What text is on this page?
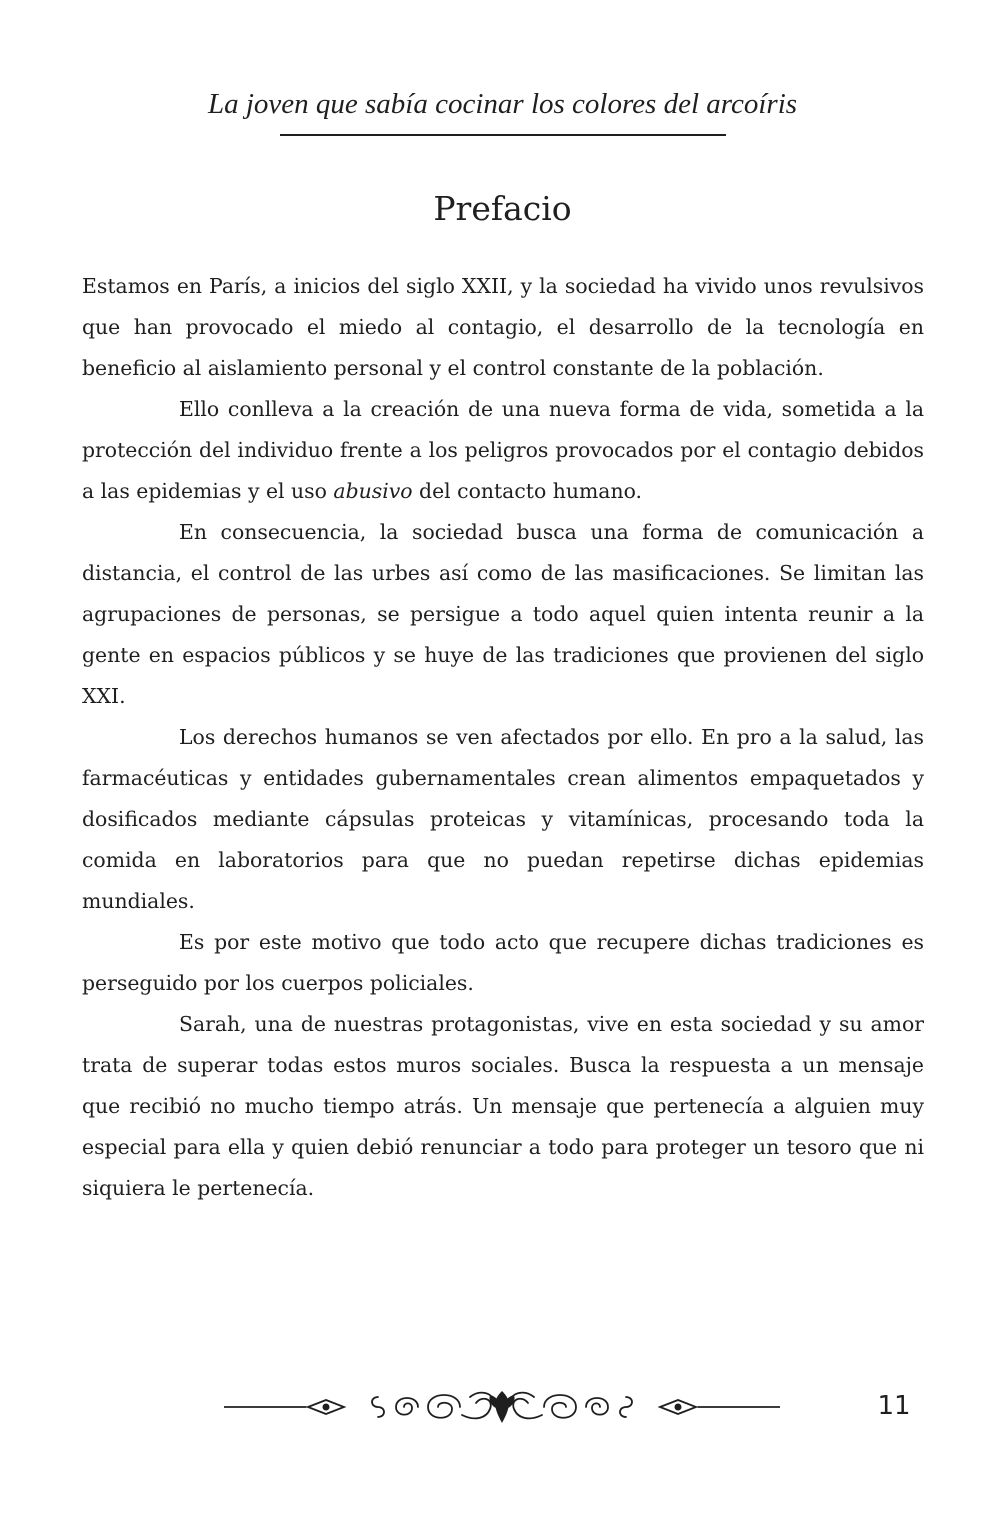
La joven que sabía cocinar los colores del arcoíris
Prefacio

Estamos en París, a inicios del siglo XXII, y la sociedad ha vivido unos revulsivos que han provocado el miedo al contagio, el desarrollo de la tecnología en beneficio al aislamiento personal y el control constante de la población.

Ello conlleva a la creación de una nueva forma de vida, sometida a la protección del individuo frente a los peligros provocados por el contagio debidos a las epidemias y el uso abusivo del contacto humano.

En consecuencia, la sociedad busca una forma de comunicación a distancia, el control de las urbes así como de las masificaciones. Se limitan las agrupaciones de personas, se persigue a todo aquel quien intenta reunir a la gente en espacios públicos y se huye de las tradiciones que provienen del siglo XXI.

Los derechos humanos se ven afectados por ello. En pro a la salud, las farmacéuticas y entidades gubernamentales crean alimentos empaquetados y dosificados mediante cápsulas proteicas y vitamínicas, procesando toda la comida en laboratorios para que no puedan repetirse dichas epidemias mundiales.

Es por este motivo que todo acto que recupere dichas tradiciones es perseguido por los cuerpos policiales.

Sarah, una de nuestras protagonistas, vive en esta sociedad y su amor trata de superar todas estos muros sociales. Busca la respuesta a un mensaje que recibió no mucho tiempo atrás. Un mensaje que pertenecía a alguien muy especial para ella y quien debió renunciar a todo para proteger un tesoro que ni siquiera le pertenecía.

11
